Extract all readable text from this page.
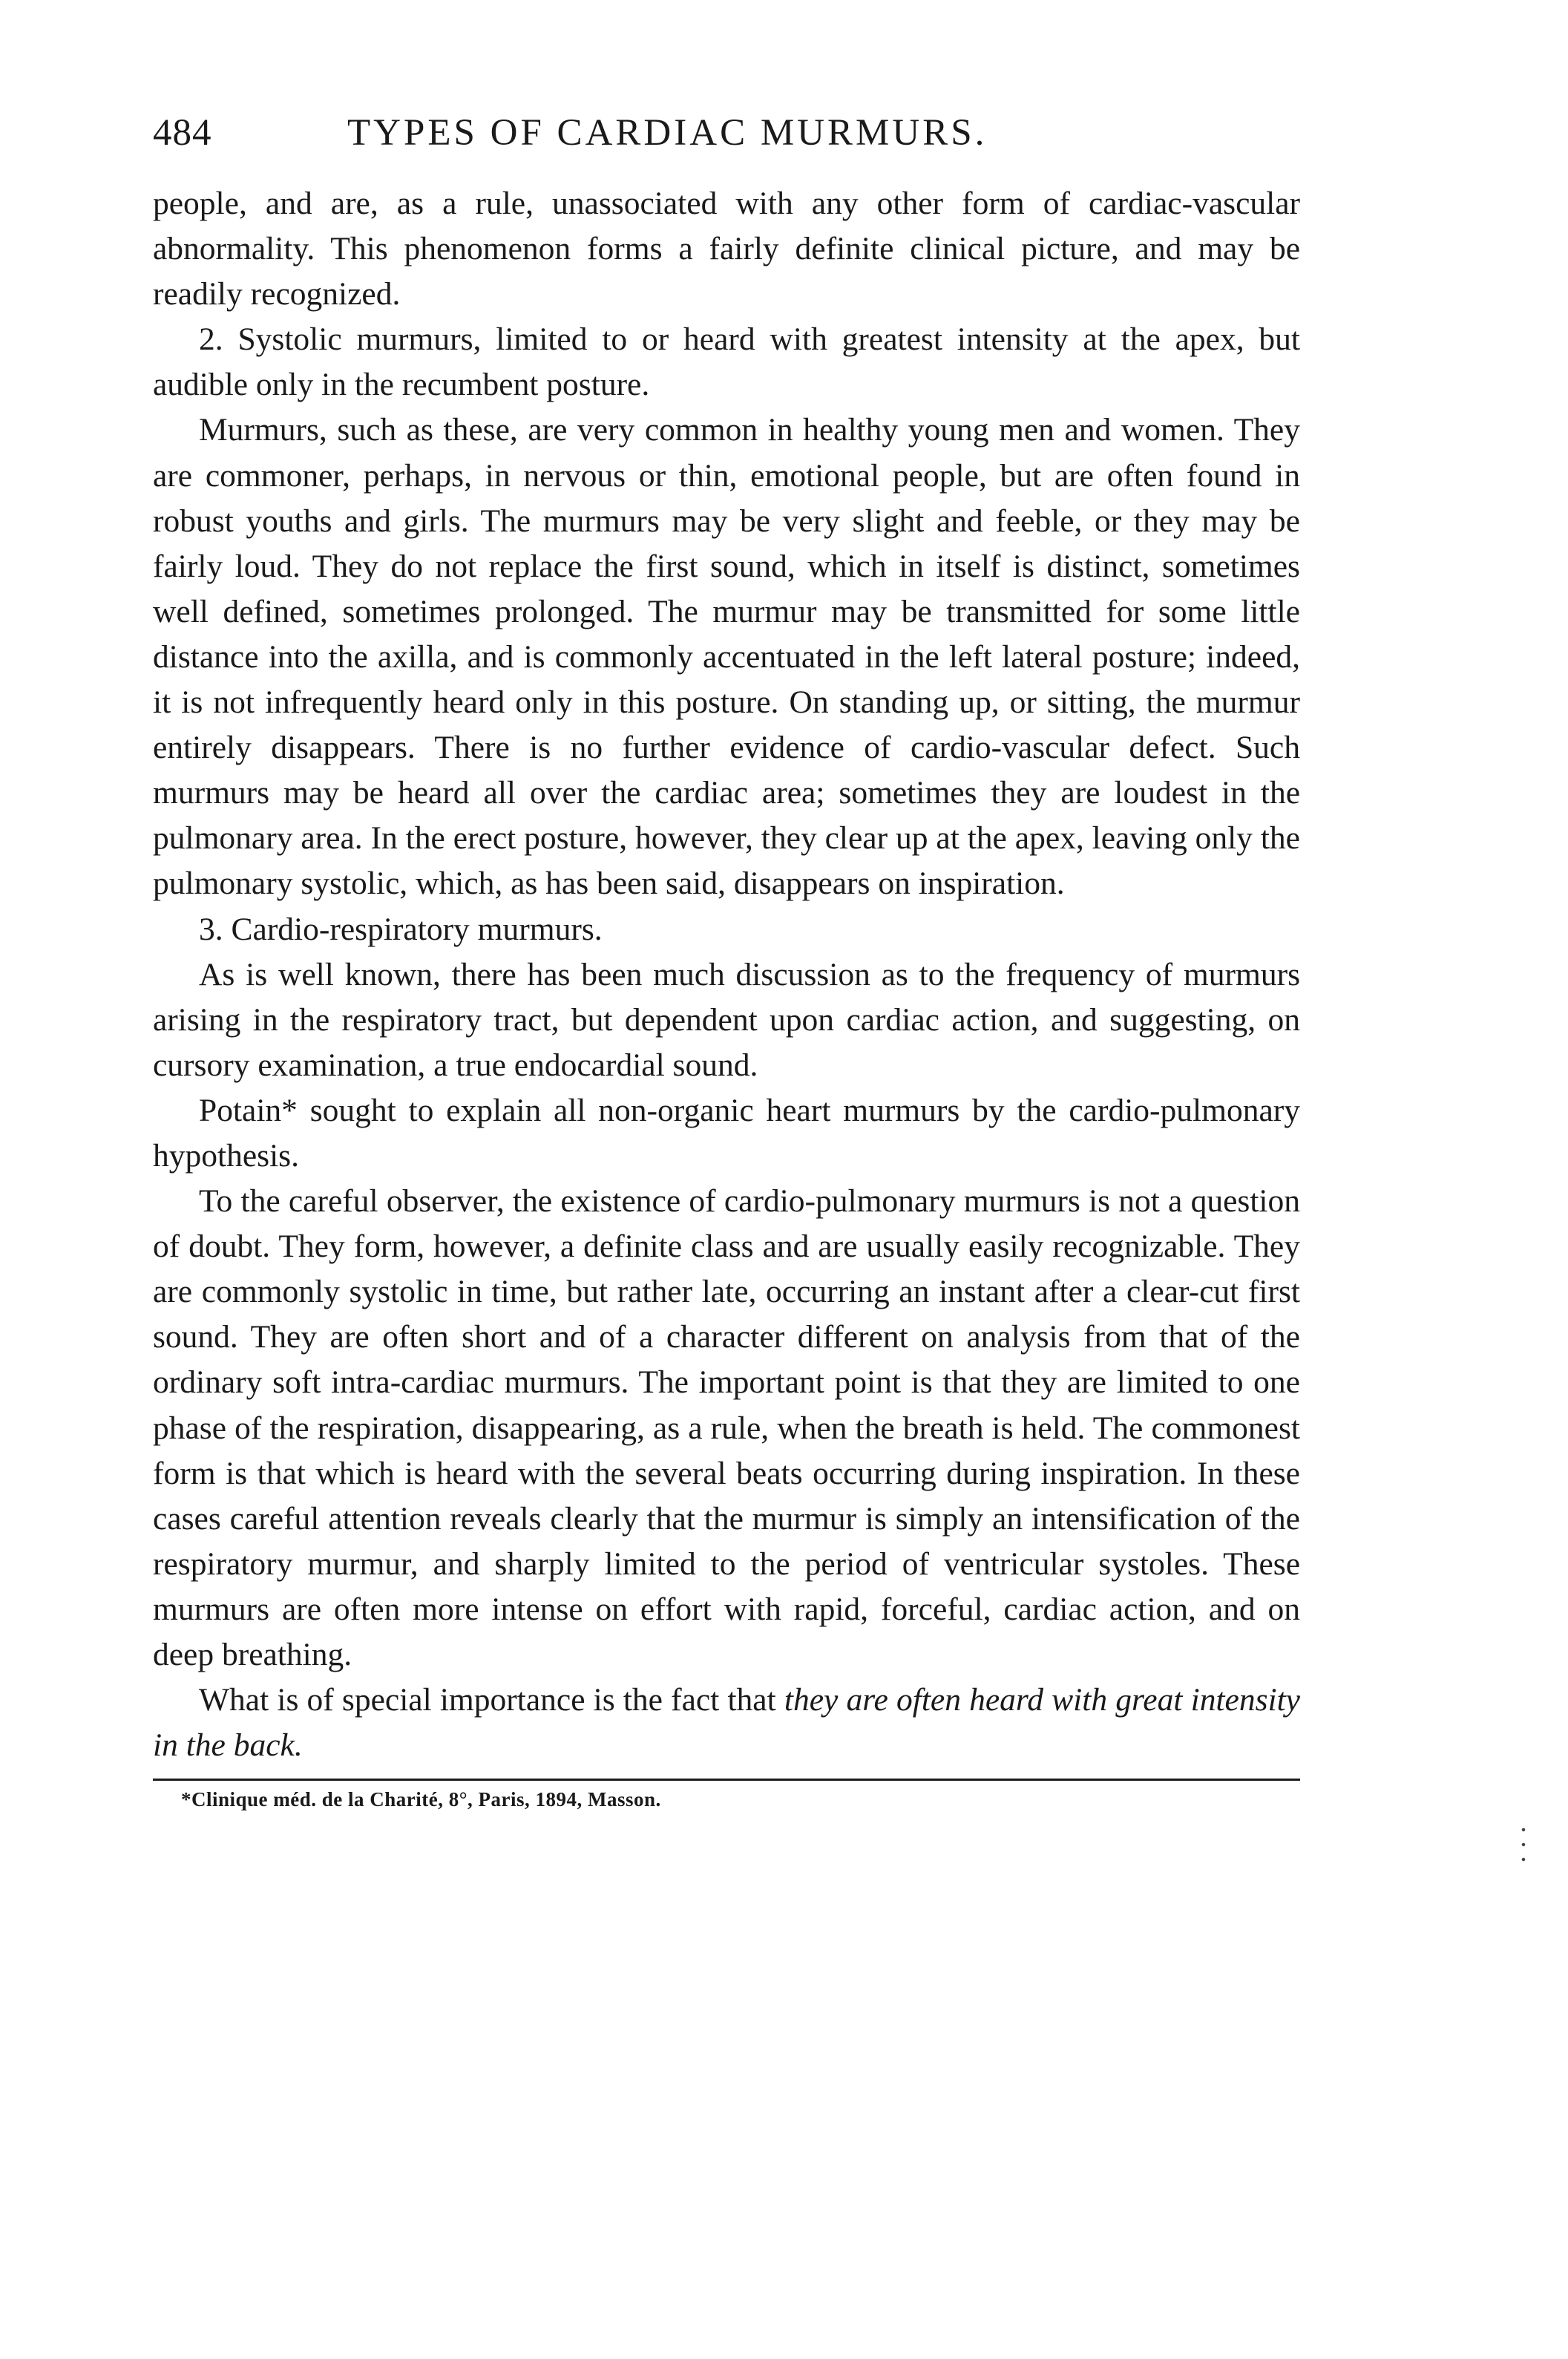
484	TYPES OF CARDIAC MURMURS.

people, and are, as a rule, unassociated with any other form of cardiac-vascular abnormality. This phenomenon forms a fairly definite clinical picture, and may be readily recognized.

2. Systolic murmurs, limited to or heard with greatest intensity at the apex, but audible only in the recumbent posture.

Murmurs, such as these, are very common in healthy young men and women. They are commoner, perhaps, in nervous or thin, emotional people, but are often found in robust youths and girls. The murmurs may be very slight and feeble, or they may be fairly loud. They do not replace the first sound, which in itself is distinct, sometimes well defined, sometimes prolonged. The murmur may be transmitted for some little distance into the axilla, and is commonly accentuated in the left lateral posture; indeed, it is not infrequently heard only in this posture. On standing up, or sitting, the murmur entirely disappears. There is no further evidence of cardio-vascular defect. Such murmurs may be heard all over the cardiac area; sometimes they are loudest in the pulmonary area. In the erect posture, however, they clear up at the apex, leaving only the pulmonary systolic, which, as has been said, disappears on inspiration.

3. Cardio-respiratory murmurs.

As is well known, there has been much discussion as to the frequency of murmurs arising in the respiratory tract, but dependent upon cardiac action, and suggesting, on cursory examination, a true endocardial sound.

Potain* sought to explain all non-organic heart murmurs by the cardio-pulmonary hypothesis.

To the careful observer, the existence of cardio-pulmonary murmurs is not a question of doubt. They form, however, a definite class and are usually easily recognizable. They are commonly systolic in time, but rather late, occurring an instant after a clear-cut first sound. They are often short and of a character different on analysis from that of the ordinary soft intra-cardiac murmurs. The important point is that they are limited to one phase of the respiration, disappearing, as a rule, when the breath is held. The commonest form is that which is heard with the several beats occurring during inspiration. In these cases careful attention reveals clearly that the murmur is simply an intensification of the respiratory murmur, and sharply limited to the period of ventricular systoles. These murmurs are often more intense on effort with rapid, forceful, cardiac action, and on deep breathing.

What is of special importance is the fact that they are often heard with great intensity in the back.

*Clinique méd. de la Charité, 8°, Paris, 1894, Masson.
